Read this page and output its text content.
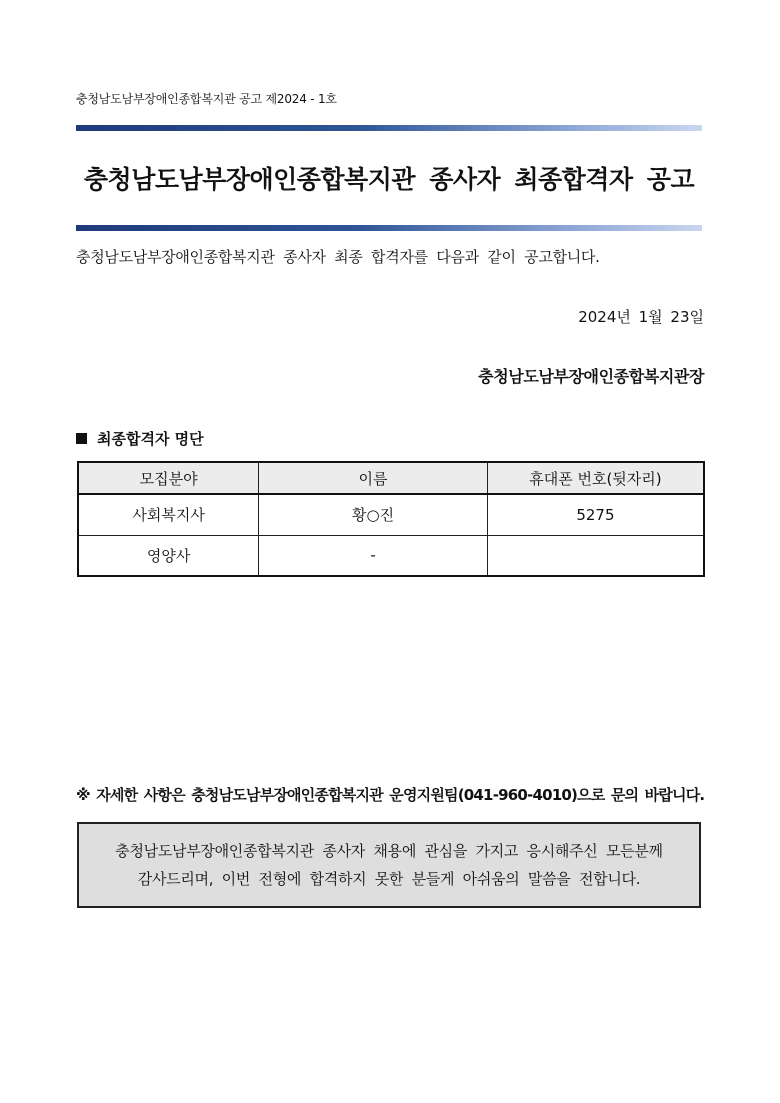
충청남도남부장애인종합복지관 공고 제2024 - 1호
충청남도남부장애인종합복지관 종사자 최종합격자 공고

충청남도남부장애인종합복지관 종사자 최종 합격자를 다음과 같이 공고합니다.

2024년 1월 23일

충청남도남부장애인종합복지관장

최종합격자 명단
모집분야	이름	휴대폰 번호(뒷자리)
사회복지사	황○진	5275
영양사	-	

※ 자세한 사항은 충청남도남부장애인종합복지관 운영지원팀(041-960-4010)으로 문의 바랍니다.

충청남도남부장애인종합복지관 종사자 채용에 관심을 가지고 응시해주신 모든분께
감사드리며, 이번 전형에 합격하지 못한 분들게 아쉬움의 말씀을 전합니다.
